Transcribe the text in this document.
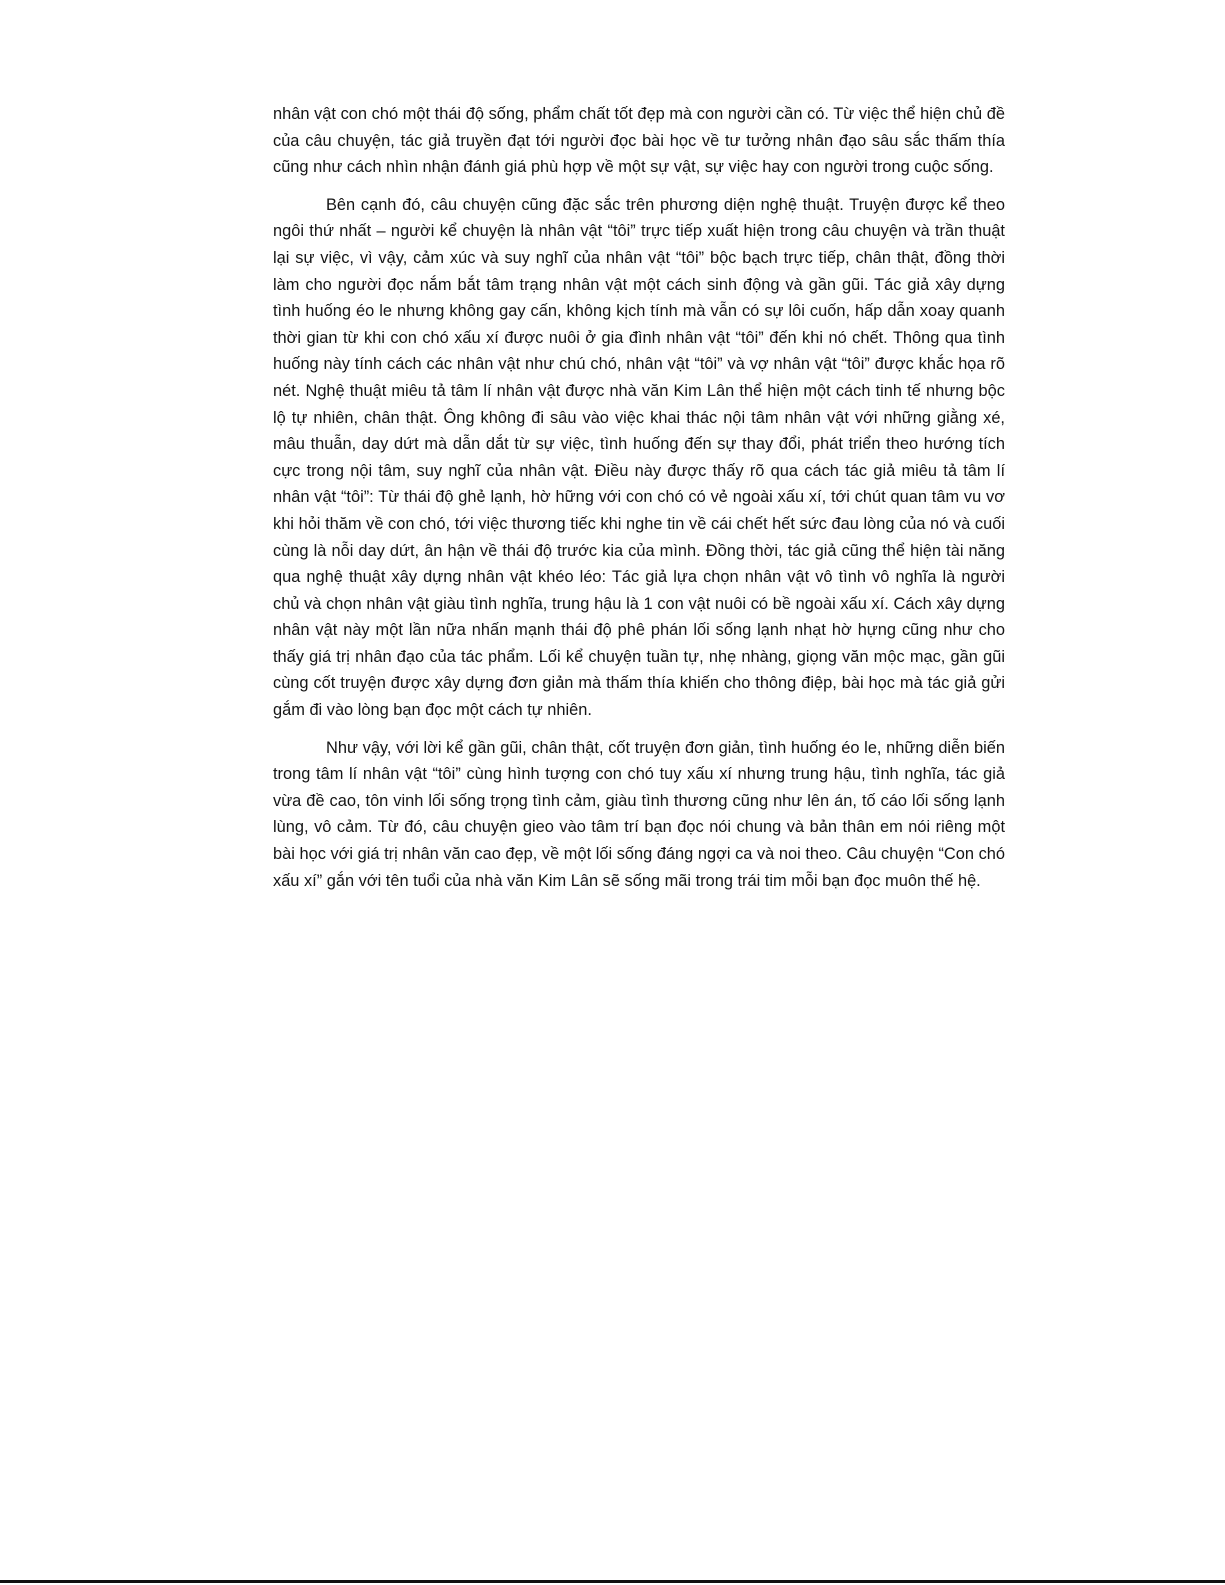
nhân vật con chó một thái độ sống, phẩm chất tốt đẹp mà con người cần có. Từ việc thể hiện chủ đề của câu chuyện, tác giả truyền đạt tới người đọc bài học về tư tưởng nhân đạo sâu sắc thấm thía cũng như cách nhìn nhận đánh giá phù hợp về một sự vật, sự việc hay con người trong cuộc sống.

Bên cạnh đó, câu chuyện cũng đặc sắc trên phương diện nghệ thuật. Truyện được kể theo ngôi thứ nhất – người kể chuyện là nhân vật “tôi” trực tiếp xuất hiện trong câu chuyện và trần thuật lại sự việc, vì vậy, cảm xúc và suy nghĩ của nhân vật “tôi” bộc bạch trực tiếp, chân thật, đồng thời làm cho người đọc nắm bắt tâm trạng nhân vật một cách sinh động và gần gũi. Tác giả xây dựng tình huống éo le nhưng không gay cấn, không kịch tính mà vẫn có sự lôi cuốn, hấp dẫn xoay quanh thời gian từ khi con chó xấu xí được nuôi ở gia đình nhân vật “tôi” đến khi nó chết. Thông qua tình huống này tính cách các nhân vật như chú chó, nhân vật “tôi” và vợ nhân vật “tôi” được khắc họa rõ nét. Nghệ thuật miêu tả tâm lí nhân vật được nhà văn Kim Lân thể hiện một cách tinh tế nhưng bộc lộ tự nhiên, chân thật. Ông không đi sâu vào việc khai thác nội tâm nhân vật với những giằng xé, mâu thuẫn, day dứt mà dẫn dắt từ sự việc, tình huống đến sự thay đổi, phát triển theo hướng tích cực trong nội tâm, suy nghĩ của nhân vật. Điều này được thấy rõ qua cách tác giả miêu tả tâm lí nhân vật “tôi”: Từ thái độ ghẻ lạnh, hờ hững với con chó có vẻ ngoài xấu xí, tới chút quan tâm vu vơ khi hỏi thăm về con chó, tới việc thương tiếc khi nghe tin về cái chết hết sức đau lòng của nó và cuối cùng là nỗi day dứt, ân hận về thái độ trước kia của mình. Đồng thời, tác giả cũng thể hiện tài năng qua nghệ thuật xây dựng nhân vật khéo léo: Tác giả lựa chọn nhân vật vô tình vô nghĩa là người chủ và chọn nhân vật giàu tình nghĩa, trung hậu là 1 con vật nuôi có bề ngoài xấu xí. Cách xây dựng nhân vật này một lần nữa nhấn mạnh thái độ phê phán lối sống lạnh nhạt hờ hựng cũng như cho thấy giá trị nhân đạo của tác phẩm. Lối kể chuyện tuần tự, nhẹ nhàng, giọng văn mộc mạc, gần gũi cùng cốt truyện được xây dựng đơn giản mà thấm thía khiến cho thông điệp, bài học mà tác giả gửi gắm đi vào lòng bạn đọc một cách tự nhiên.

Như vậy, với lời kể gần gũi, chân thật, cốt truyện đơn giản, tình huống éo le, những diễn biến trong tâm lí nhân vật “tôi” cùng hình tượng con chó tuy xấu xí nhưng trung hậu, tình nghĩa, tác giả vừa đề cao, tôn vinh lối sống trọng tình cảm, giàu tình thương cũng như lên án, tố cáo lối sống lạnh lùng, vô cảm. Từ đó, câu chuyện gieo vào tâm trí bạn đọc nói chung và bản thân em nói riêng một bài học với giá trị nhân văn cao đẹp, về một lối sống đáng ngợi ca và noi theo. Câu chuyện “Con chó xấu xí” gắn với tên tuổi của nhà văn Kim Lân sẽ sống mãi trong trái tim mỗi bạn đọc muôn thế hệ.
